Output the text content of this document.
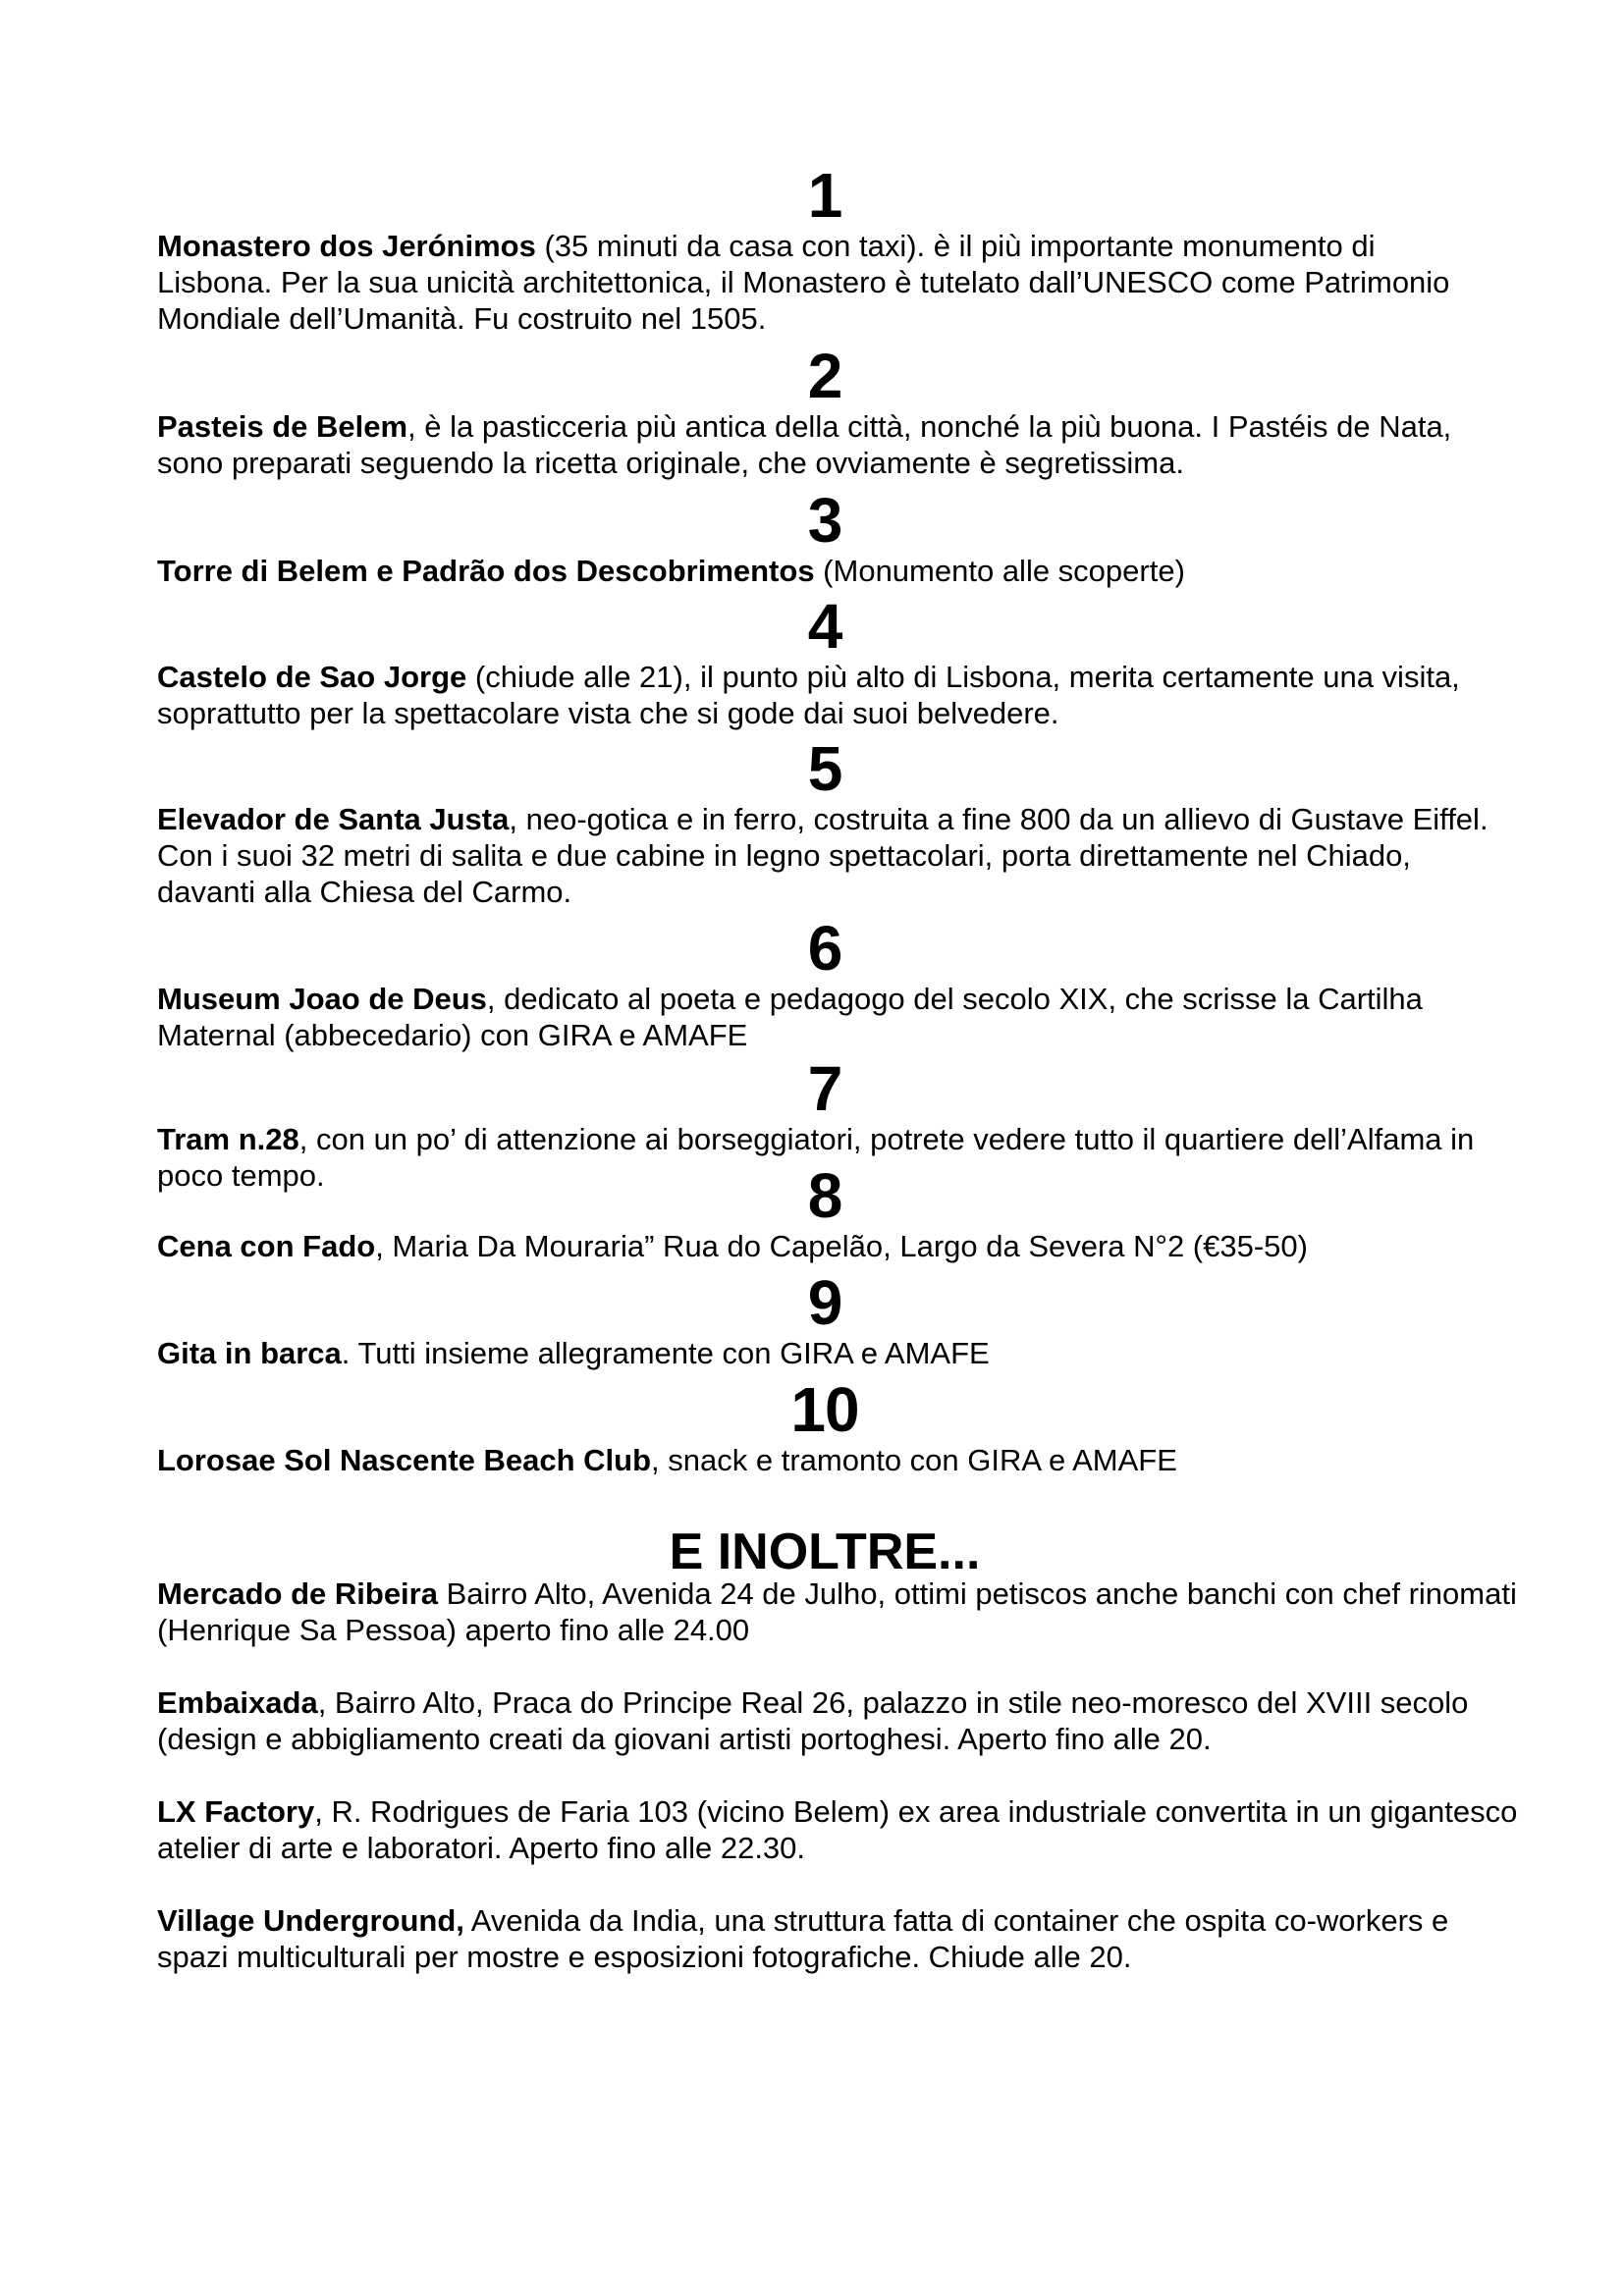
1

Monastero dos Jerónimos (35 minuti da casa con taxi). è il più importante monumento di Lisbona. Per la sua unicità architettonica, il Monastero è tutelato dall’UNESCO come Patrimonio Mondiale dell’Umanità. Fu costruito nel 1505.

2

Pasteis de Belem, è la pasticceria più antica della città, nonché la più buona. I Pastéis de Nata, sono preparati seguendo la ricetta originale, che ovviamente è segretissima.

3

Torre di Belem e Padrão dos Descobrimentos (Monumento alle scoperte)

4

Castelo de Sao Jorge (chiude alle 21), il punto più alto di Lisbona, merita certamente una visita, soprattutto per la spettacolare vista che si gode dai suoi belvedere.

5

Elevador de Santa Justa, neo-gotica e in ferro, costruita a fine 800 da un allievo di Gustave Eiffel. Con i suoi 32 metri di salita e due cabine in legno spettacolari, porta direttamente nel Chiado, davanti alla Chiesa del Carmo.

6

Museum Joao de Deus, dedicato al poeta e pedagogo del secolo XIX, che scrisse la Cartilha Maternal (abbecedario) con GIRA e AMAFE

7

Tram n.28, con un po’ di attenzione ai borseggiatori, potrete vedere tutto il quartiere dell’Alfama in poco tempo.	8

Cena con Fado, Maria Da Mouraria” Rua do Capelão, Largo da Severa N°2 (€35-50)

9

Gita in barca. Tutti insieme allegramente con GIRA e AMAFE

10

Lorosae Sol Nascente Beach Club, snack e tramonto con GIRA e AMAFE

E INOLTRE...

Mercado de Ribeira Bairro Alto, Avenida 24 de Julho, ottimi petiscos anche banchi con chef rinomati (Henrique Sa Pessoa) aperto fino alle 24.00

Embaixada, Bairro Alto, Praca do Principe Real 26, palazzo in stile neo-moresco del XVIII secolo (design e abbigliamento creati da giovani artisti portoghesi. Aperto fino alle 20.

LX Factory, R. Rodrigues de Faria 103 (vicino Belem) ex area industriale convertita in un gigantesco atelier di arte e laboratori. Aperto fino alle 22.30.

Village Underground, Avenida da India, una struttura fatta di container che ospita co-workers e spazi multiculturali per mostre e esposizioni fotografiche. Chiude alle 20.
